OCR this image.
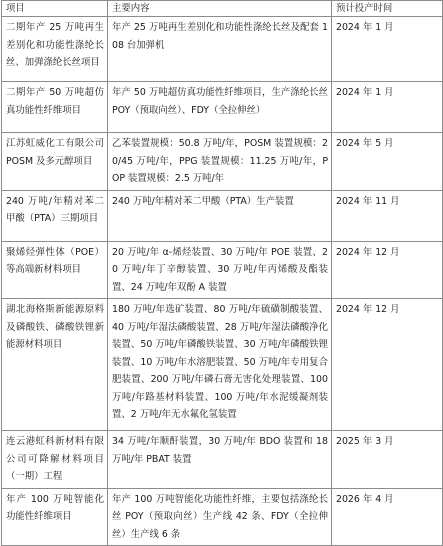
项目	主要内容	预计投产时间
二期年产 25 万吨再生差别化和功能性涤纶长丝、加弹涤纶长丝项目	年产 25 万吨再生差别化和功能性涤纶长丝及配套 108 台加弹机	2024 年 1 月
二期年产 50 万吨超仿真功能性纤维项目	年产 50 万吨超仿真功能性纤维项目，生产涤纶长丝 POY（预取向丝）、FDY（全拉伸丝）	2024 年 1 月
江苏虹威化工有限公司 POSM 及多元醇项目	乙苯装置规模：50.8 万吨/年，POSM 装置规模：20/45 万吨/年，PPG 装置规模：11.25 万吨/年，POP 装置规模：2.5 万吨/年	2024 年 5 月
240 万吨/年精对苯二甲酸（PTA）三期项目	240 万吨/年精对苯二甲酸（PTA）生产装置	2024 年 11 月
聚烯烃弹性体（POE）等高端新材料项目	20 万吨/年 α-烯烃装置、30 万吨/年 POE 装置、20 万吨/年丁辛醇装置、30 万吨/年丙烯酸及酯装置、24 万吨/年双酚 A 装置	2024 年 12 月
湖北海格斯新能源原料及磷酸铁、磷酸铁锂新能源材料项目	180 万吨/年选矿装置、80 万吨/年硫磺制酸装置、40 万吨/年湿法磷酸装置、28 万吨/年湿法磷酸净化装置、50 万吨/年磷酸铁装置、30 万吨/年磷酸铁锂装置、10 万吨/年水溶肥装置、50 万吨/年专用复合肥装置、200 万吨/年磷石膏无害化处理装置、100 万吨/年路基材料装置、100 万吨/年水泥缓凝剂装置、2 万吨/年无水氟化氢装置	2024 年 12 月
连云港虹科新材料有限公司可降解材料项目（一期）工程	34 万吨/年顺酐装置，30 万吨/年 BDO 装置和 18 万吨/年 PBAT 装置	2025 年 3 月
年产 100 万吨智能化功能性纤维项目	年产 100 万吨智能化功能性纤维，主要包括涤纶长丝 POY（预取向丝）生产线 42 条、FDY（全拉伸丝）生产线 6 条	2026 年 4 月
